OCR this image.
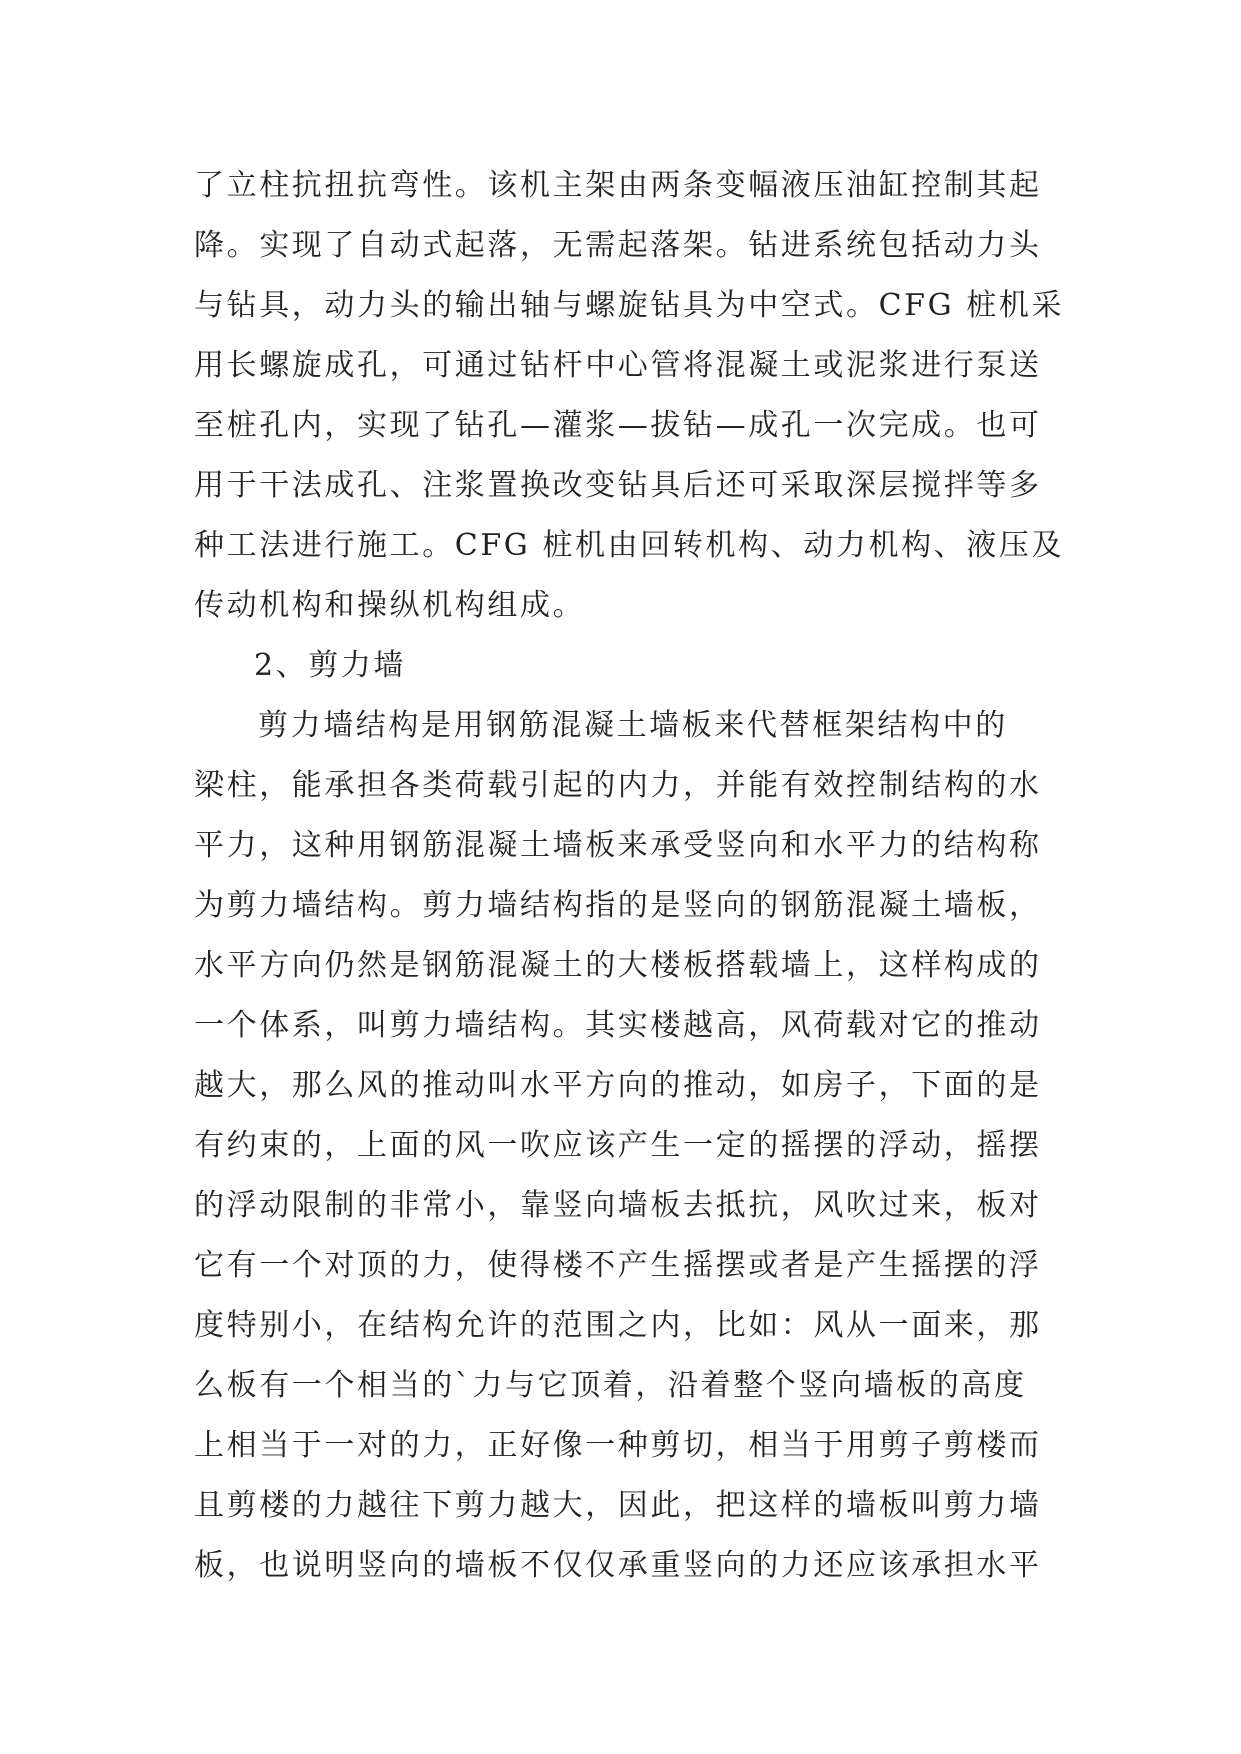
了立柱抗扭抗弯性。该机主架由两条变幅液压油缸控制其起
降。实现了自动式起落，无需起落架。钻进系统包括动力头
与钻具，动力头的输出轴与螺旋钻具为中空式。CFG 桩机采
用长螺旋成孔，可通过钻杆中心管将混凝土或泥浆进行泵送
至桩孔内，实现了钻孔—灌浆—拔钻—成孔一次完成。也可
用于干法成孔、注浆置换改变钻具后还可采取深层搅拌等多
种工法进行施工。CFG 桩机由回转机构、动力机构、液压及
传动机构和操纵机构组成。
2、剪力墙
剪力墙结构是用钢筋混凝土墙板来代替框架结构中的
梁柱，能承担各类荷载引起的内力，并能有效控制结构的水
平力，这种用钢筋混凝土墙板来承受竖向和水平力的结构称
为剪力墙结构。剪力墙结构指的是竖向的钢筋混凝土墙板，
水平方向仍然是钢筋混凝土的大楼板搭载墙上，这样构成的
一个体系，叫剪力墙结构。其实楼越高，风荷载对它的推动
越大，那么风的推动叫水平方向的推动，如房子，下面的是
有约束的，上面的风一吹应该产生一定的摇摆的浮动，摇摆
的浮动限制的非常小，靠竖向墙板去抵抗，风吹过来，板对
它有一个对顶的力，使得楼不产生摇摆或者是产生摇摆的浮
度特别小，在结构允许的范围之内，比如：风从一面来，那
么板有一个相当的`力与它顶着，沿着整个竖向墙板的高度
上相当于一对的力，正好像一种剪切，相当于用剪子剪楼而
且剪楼的力越往下剪力越大，因此，把这样的墙板叫剪力墙
板，也说明竖向的墙板不仅仅承重竖向的力还应该承担水平
